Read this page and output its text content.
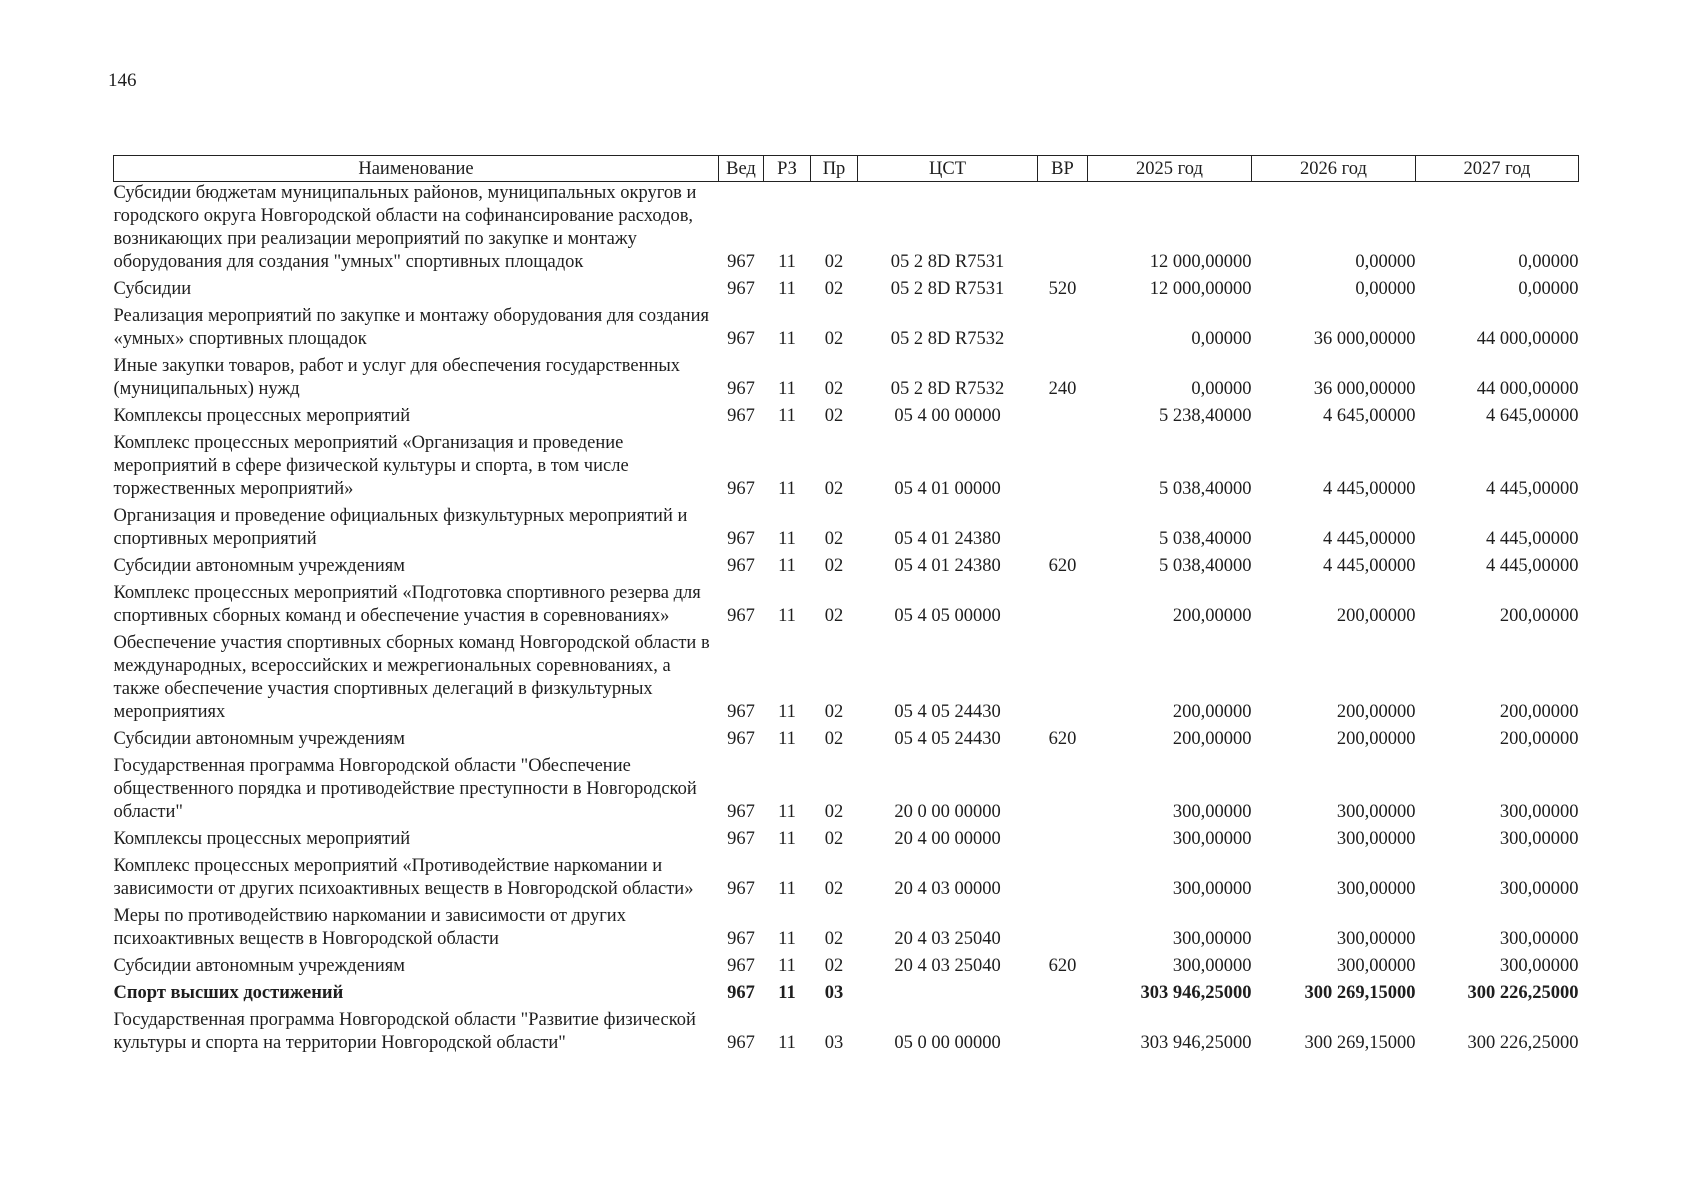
146
Наименование	Вед	РЗ	Пр	ЦСТ	ВР	2025 год	2026 год	2027 год
Субсидии бюджетам муниципальных районов, муниципальных округов и городского округа Новгородской области на софинансирование расходов, возникающих при реализации мероприятий по закупке и монтажу оборудования для создания "умных" спортивных площадок	967	11	02	05 2 8D R7531		12 000,00000	0,00000	0,00000
Субсидии	967	11	02	05 2 8D R7531	520	12 000,00000	0,00000	0,00000
Реализация мероприятий по закупке и монтажу оборудования для создания «умных» спортивных площадок	967	11	02	05 2 8D R7532		0,00000	36 000,00000	44 000,00000
Иные закупки товаров, работ и услуг для обеспечения государственных (муниципальных) нужд	967	11	02	05 2 8D R7532	240	0,00000	36 000,00000	44 000,00000
Комплексы процессных мероприятий	967	11	02	05 4 00 00000		5 238,40000	4 645,00000	4 645,00000
Комплекс процессных мероприятий «Организация и проведение мероприятий в сфере физической культуры и спорта, в том числе торжественных мероприятий»	967	11	02	05 4 01 00000		5 038,40000	4 445,00000	4 445,00000
Организация и проведение официальных физкультурных мероприятий и спортивных мероприятий	967	11	02	05 4 01 24380		5 038,40000	4 445,00000	4 445,00000
Субсидии автономным учреждениям	967	11	02	05 4 01 24380	620	5 038,40000	4 445,00000	4 445,00000
Комплекс процессных мероприятий «Подготовка спортивного резерва для спортивных сборных команд и обеспечение участия в соревнованиях»	967	11	02	05 4 05 00000		200,00000	200,00000	200,00000
Обеспечение участия спортивных сборных команд Новгородской области в международных, всероссийских и межрегиональных соревнованиях, а также обеспечение участия спортивных делегаций в физкультурных мероприятиях	967	11	02	05 4 05 24430		200,00000	200,00000	200,00000
Субсидии автономным учреждениям	967	11	02	05 4 05 24430	620	200,00000	200,00000	200,00000
Государственная программа Новгородской области "Обеспечение общественного порядка и противодействие преступности в Новгородской области"	967	11	02	20 0 00 00000		300,00000	300,00000	300,00000
Комплексы процессных мероприятий	967	11	02	20 4 00 00000		300,00000	300,00000	300,00000
Комплекс процессных мероприятий «Противодействие наркомании и зависимости от других психоактивных веществ в Новгородской области»	967	11	02	20 4 03 00000		300,00000	300,00000	300,00000
Меры по противодействию наркомании и зависимости от других психоактивных веществ в Новгородской области	967	11	02	20 4 03 25040		300,00000	300,00000	300,00000
Субсидии автономным учреждениям	967	11	02	20 4 03 25040	620	300,00000	300,00000	300,00000
Спорт высших достижений	967	11	03			303 946,25000	300 269,15000	300 226,25000
Государственная программа Новгородской области "Развитие физической культуры и спорта на территории Новгородской области"	967	11	03	05 0 00 00000		303 946,25000	300 269,15000	300 226,25000
